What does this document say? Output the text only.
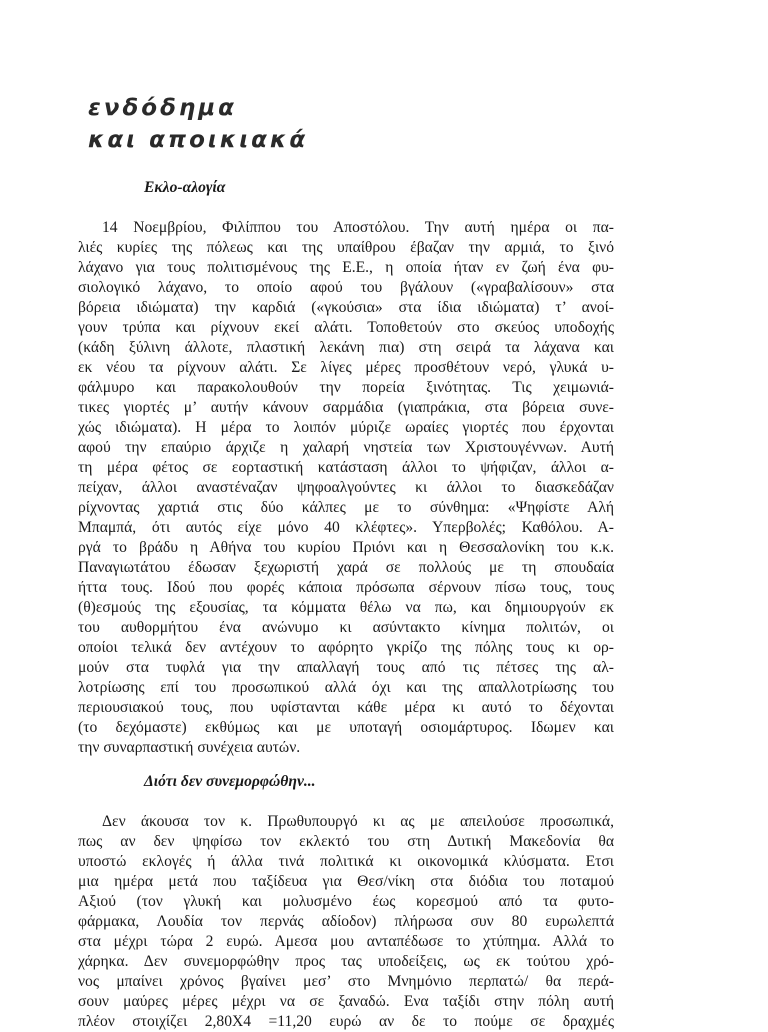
ενδόδημα
και αποικιακά
Εκλο-αλογία
14 Νοεμβρίου, Φιλίππου του Αποστόλου. Την αυτή ημέρα οι πα-
λιές κυρίες της πόλεως και της υπαίθρου έβαζαν την αρμιά, το ξινό
λάχανο για τους πολιτισμένους της Ε.Ε., η οποία ήταν εν ζωή ένα φυ-
σιολογικό λάχανο, το οποίο αφού του βγάλουν («γραβαλίσουν» στα
βόρεια ιδιώματα) την καρδιά («γκούσια» στα ίδια ιδιώματα) τ’ ανοί-
γουν τρύπα και ρίχνουν εκεί αλάτι. Τοποθετούν στο σκεύος υποδοχής
(κάδη ξύλινη άλλοτε, πλαστική λεκάνη πια) στη σειρά τα λάχανα και
εκ νέου τα ρίχνουν αλάτι. Σε λίγες μέρες προσθέτουν νερό, γλυκά υ-
φάλμυρο και παρακολουθούν την πορεία ξινότητας. Τις χειμωνιά-
τικες γιορτές μ’ αυτήν κάνουν σαρμάδια (γιαπράκια, στα βόρεια συνε-
χώς ιδιώματα). Η μέρα το λοιπόν μύριζε ωραίες γιορτές που έρχονται
αφού την επαύριο άρχιζε η χαλαρή νηστεία των Χριστουγέννων. Αυτή
τη μέρα φέτος σε εορταστική κατάσταση άλλοι το ψήφιζαν, άλλοι α-
πείχαν, άλλοι αναστέναζαν ψηφοαλγούντες κι άλλοι το διασκεδάζαν
ρίχνοντας χαρτιά στις δύο κάλπες με το σύνθημα: «Ψηφίστε Αλή
Μπαμπά, ότι αυτός είχε μόνο 40 κλέφτες». Υπερβολές; Καθόλου. Α-
ργά το βράδυ η Αθήνα του κυρίου Πριόνι και η Θεσσαλονίκη του κ.κ.
Παναγιωτάτου έδωσαν ξεχωριστή χαρά σε πολλούς με τη σπουδαία
ήττα τους. Ιδού που φορές κάποια πρόσωπα σέρνουν πίσω τους, τους
(θ)εσμούς της εξουσίας, τα κόμματα θέλω να πω, και δημιουργούν εκ
του αυθορμήτου ένα ανώνυμο κι ασύντακτο κίνημα πολιτών, οι
οποίοι τελικά δεν αντέχουν το αφόρητο γκρίζο της πόλης τους κι ορ-
μούν στα τυφλά για την απαλλαγή τους από τις πέτσες της αλ-
λοτρίωσης επί του προσωπικού αλλά όχι και της απαλλοτρίωσης του
περιουσιακού τους, που υφίστανται κάθε μέρα κι αυτό το δέχονται
(το δεχόμαστε) εκθύμως και με υποταγή οσιομάρτυρος. Ιδωμεν και
την συναρπαστική συνέχεια αυτών.
Διότι δεν συνεμορφώθην...
Δεν άκουσα τον κ. Πρωθυπουργό κι ας με απειλούσε προσωπικά,
πως αν δεν ψηφίσω τον εκλεκτό του στη Δυτική Μακεδονία θα
υποστώ εκλογές ή άλλα τινά πολιτικά κι οικονομικά κλύσματα. Ετσι
μια ημέρα μετά που ταξίδευα για Θεσ/νίκη στα διόδια του ποταμού
Αξιού (τον γλυκή και μολυσμένο έως κορεσμού από τα φυτο-
φάρμακα, Λουδία τον περνάς αδίοδον) πλήρωσα συν 80 ευρωλεπτά
στα μέχρι τώρα 2 ευρώ. Αμεσα μου ανταπέδωσε το χτύπημα. Αλλά το
χάρηκα. Δεν συνεμορφώθην προς τας υποδείξεις, ως εκ τούτου χρό-
νος μπαίνει χρόνος βγαίνει μεσ’ στο Μνημόνιο περπατώ/ θα περά-
σουν μαύρες μέρες μέχρι να σε ξαναδώ. Ενα ταξίδι στην πόλη αυτή
πλέον στοιχίζει 2,80Χ4 =11,20 ευρώ αν δε το πούμε σε δραχμές
